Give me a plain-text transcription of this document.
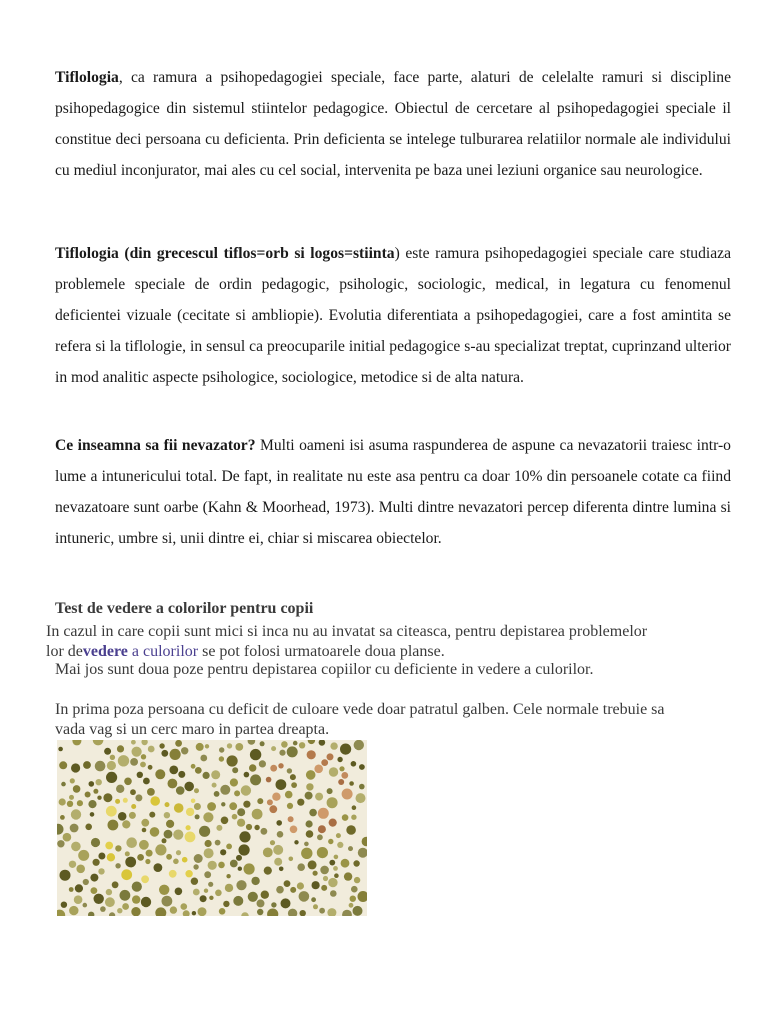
Tiflologia, ca ramura a psihopedagogiei speciale, face parte, alaturi de celelalte ramuri si discipline psihopedagogice din sistemul stiintelor pedagogice. Obiectul de cercetare al psihopedagogiei speciale il constitue deci persoana cu deficienta. Prin deficienta se intelege tulburarea relatiilor normale ale individului cu mediul inconjurator, mai ales cu cel social, intervenita pe baza unei leziuni organice sau neurologice.

Tiflologia (din grecescul tiflos=orb si logos=stiinta) este ramura psihopedagogiei speciale care studiaza problemele speciale de ordin pedagogic, psihologic, sociologic, medical, in legatura cu fenomenul deficientei vizuale (cecitate si ambliopie). Evolutia diferentiata a psihopedagogiei, care a fost amintita se refera si la tiflologie, in sensul ca preocuparile initial pedagogice s-au specializat treptat, cuprinzand ulterior in mod analitic aspecte psihologice, sociologice, metodice si de alta natura.

Ce inseamna sa fii nevazator? Multi oameni isi asuma raspunderea de aspune ca nevazatorii traiesc intr-o lume a intunericului total. De fapt, in realitate nu este asa pentru ca doar 10% din persoanele cotate ca fiind nevazatoare sunt oarbe (Kahn & Moorhead, 1973). Multi dintre nevazatori percep diferenta dintre lumina si intuneric, umbre si, unii dintre ei, chiar si miscarea obiectelor.

Test de vedere a colorilor pentru copii

In cazul in care copii sunt mici si inca nu au invatat sa citeasca, pentru depistarea problemelor lor devedere a culorilor se pot folosi urmatoarele doua planse.

Mai jos sunt doua poze pentru depistarea copiilor cu deficiente in vedere a culorilor.

In prima poza persoana cu deficit de culoare vede doar patratul galben. Cele normale trebuie sa vada vag si un cerc maro in partea dreapta.
